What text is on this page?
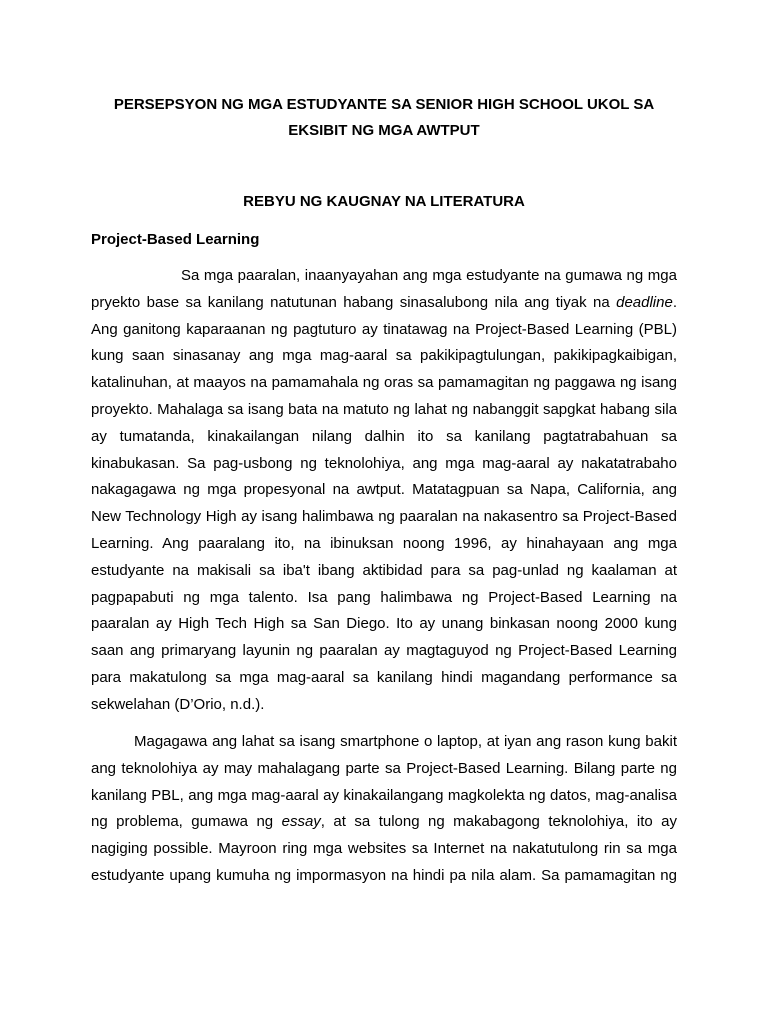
PERSEPSYON NG MGA ESTUDYANTE SA SENIOR HIGH SCHOOL UKOL SA
EKSIBIT NG MGA AWTPUT
REBYU NG KAUGNAY NA LITERATURA
Project-Based Learning
Sa mga paaralan, inaanyayahan ang mga estudyante na gumawa ng mga
pryekto base sa kanilang natutunan habang sinasalubong nila ang tiyak na deadline.
Ang ganitong kaparaanan ng pagtuturo ay tinatawag na Project-Based Learning (PBL)
kung saan sinasanay ang mga mag-aaral sa pakikipagtulungan, pakikipagkaibigan,
katalinuhan, at maayos na pamamahala ng oras sa pamamagitan ng paggawa ng isang
proyekto. Mahalaga sa isang bata na matuto ng lahat ng nabanggit sapgkat habang sila
ay tumatanda, kinakailangan nilang dalhin ito sa kanilang pagtatrabahuan sa
kinabukasan. Sa pag-usbong ng teknolohiya, ang mga mag-aaral ay nakatatrabaho
nakagagawa ng mga propesyonal na awtput. Matatagpuan sa Napa, California, ang
New Technology High ay isang halimbawa ng paaralan na nakasentro sa Project-Based
Learning. Ang paaralang ito, na ibinuksan noong 1996, ay hinahayaan ang mga
estudyante na makisali sa iba't ibang aktibidad para sa pag-unlad ng kaalaman at
pagpapabuti ng mga talento. Isa pang halimbawa ng Project-Based Learning na
paaralan ay High Tech High sa San Diego. Ito ay unang binkasan noong 2000 kung
saan ang primaryang layunin ng paaralan ay magtaguyod ng Project-Based Learning
para makatulong sa mga mag-aaral sa kanilang hindi magandang performance sa
sekwelahan (D’Orio, n.d.).
Magagawa ang lahat sa isang smartphone o laptop, at iyan ang rason kung bakit
ang teknolohiya ay may mahalagang parte sa Project-Based Learning. Bilang parte ng
kanilang PBL, ang mga mag-aaral ay kinakailangang magkolekta ng datos, mag-analisa
ng problema, gumawa ng essay, at sa tulong ng makabagong teknolohiya, ito ay
nagiging possible. Mayroon ring mga websites sa Internet na nakatutulong rin sa mga
estudyante upang kumuha ng impormasyon na hindi pa nila alam. Sa pamamagitan ng
